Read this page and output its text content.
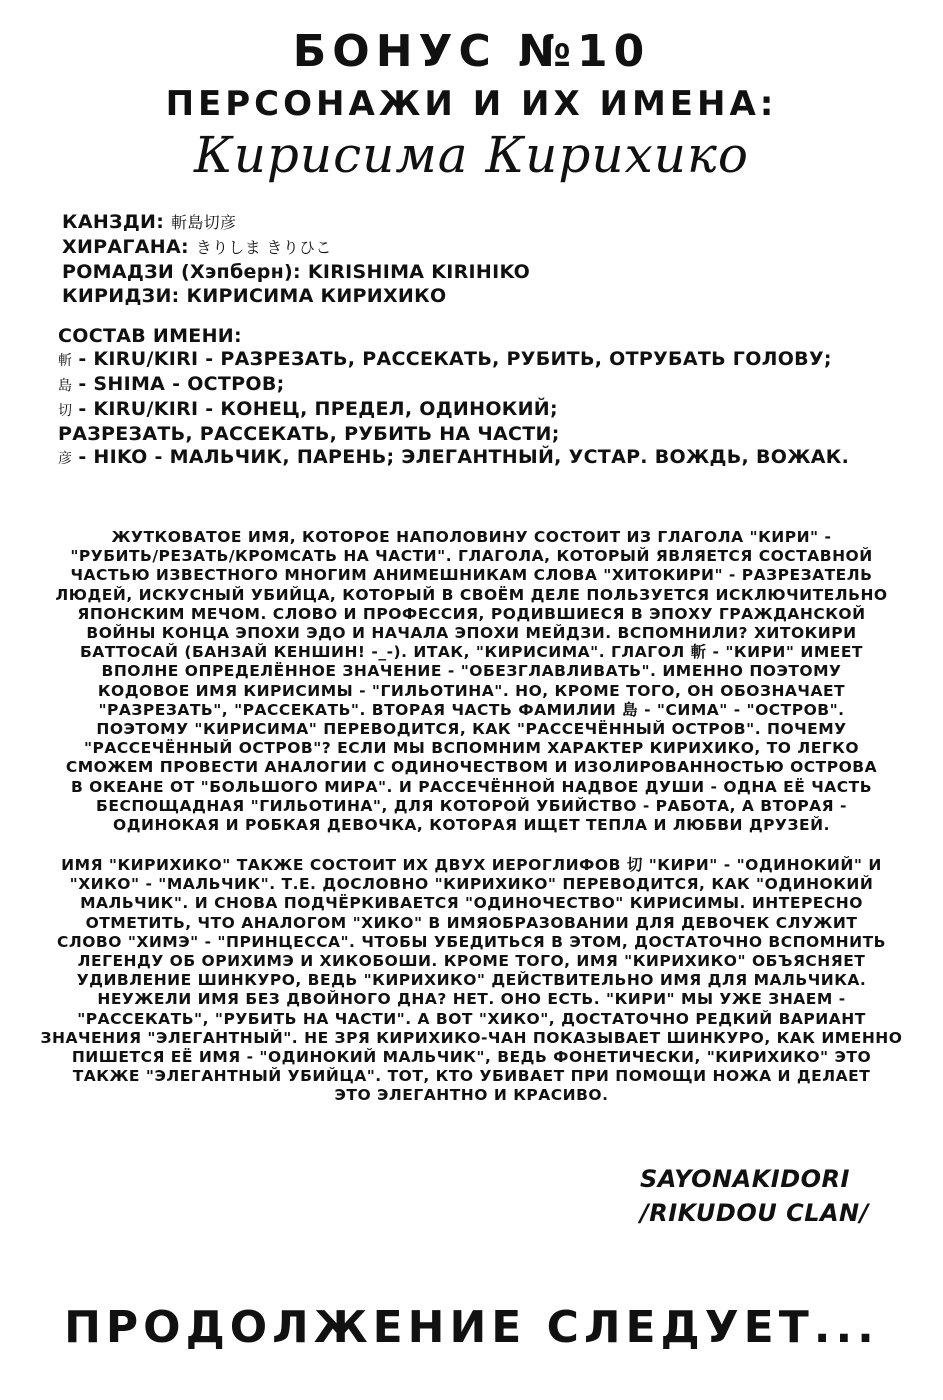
БОНУС №10
ПЕРСОНАЖИ И ИХ ИМЕНА:
Кирисима Кирихико
КАНЗДИ: 斬島切彦
ХИРАГАНА: きりしま きりひこ
РОМАДЗИ (Хэпберн): KIRISHIMA KIRIHIKO
КИРИДЗИ: КИРИСИМА КИРИХИКО
СОСТАВ ИМЕНИ:
斬 - KIRU/KIRI - РАЗРЕЗАТЬ, РАССЕКАТЬ, РУБИТЬ, ОТРУБАТЬ ГОЛОВУ;
島 - SHIMA - ОСТРОВ;
切 - KIRU/KIRI - КОНЕЦ, ПРЕДЕЛ, ОДИНОКИЙ;
РАЗРЕЗАТЬ, РАССЕКАТЬ, РУБИТЬ НА ЧАСТИ;
彦 - HIKO - МАЛЬЧИК, ПАРЕНЬ; ЭЛЕГАНТНЫЙ, УСТАР. ВОЖДЬ, ВОЖАК.
ЖУТКОВАТОЕ ИМЯ, КОТОРОЕ НАПОЛОВИНУ СОСТОИТ ИЗ ГЛАГОЛА "КИРИ" -
"РУБИТЬ/РЕЗАТЬ/КРОМСАТЬ НА ЧАСТИ". ГЛАГОЛА, КОТОРЫЙ ЯВЛЯЕТСЯ СОСТАВНОЙ
ЧАСТЬЮ ИЗВЕСТНОГО МНОГИМ АНИМЕШНИКАМ СЛОВА "ХИТОКИРИ" - РАЗРЕЗАТЕЛЬ
ЛЮДЕЙ, ИСКУСНЫЙ УБИЙЦА, КОТОРЫЙ В СВОЁМ ДЕЛЕ ПОЛЬЗУЕТСЯ ИСКЛЮЧИТЕЛЬНО
ЯПОНСКИМ МЕЧОМ. СЛОВО И ПРОФЕССИЯ, РОДИВШИЕСЯ В ЭПОХУ ГРАЖДАНСКОЙ
ВОЙНЫ КОНЦА ЭПОХИ ЭДО И НАЧАЛА ЭПОХИ МЕЙДЗИ. ВСПОМНИЛИ? ХИТОКИРИ
БАТТОСАЙ (БАНЗАЙ КЕНШИН! -_-). ИТАК, "КИРИСИМА". ГЛАГОЛ 斬 - "КИРИ" ИМЕЕТ
ВПОЛНЕ ОПРЕДЕЛЁННОЕ ЗНАЧЕНИЕ - "ОБЕЗГЛАВЛИВАТЬ". ИМЕННО ПОЭТОМУ
КОДОВОЕ ИМЯ КИРИСИМЫ - "ГИЛЬОТИНА". НО, КРОМЕ ТОГО, ОН ОБОЗНАЧАЕТ
"РАЗРЕЗАТЬ", "РАССЕКАТЬ". ВТОРАЯ ЧАСТЬ ФАМИЛИИ 島 - "СИМА" - "ОСТРОВ".
ПОЭТОМУ "КИРИСИМА" ПЕРЕВОДИТСЯ, КАК "РАССЕЧЁННЫЙ ОСТРОВ". ПОЧЕМУ
"РАССЕЧЁННЫЙ ОСТРОВ"? ЕСЛИ МЫ ВСПОМНИМ ХАРАКТЕР КИРИХИКО, ТО ЛЕГКО
СМОЖЕМ ПРОВЕСТИ АНАЛОГИИ С ОДИНОЧЕСТВОМ И ИЗОЛИРОВАННОСТЬЮ ОСТРОВА
В ОКЕАНЕ ОТ "БОЛЬШОГО МИРА". И РАССЕЧЁННОЙ НАДВОЕ ДУШИ - ОДНА ЕЁ ЧАСТЬ
БЕСПОЩАДНАЯ "ГИЛЬОТИНА", ДЛЯ КОТОРОЙ УБИЙСТВО - РАБОТА, А ВТОРАЯ -
ОДИНОКАЯ И РОБКАЯ ДЕВОЧКА, КОТОРАЯ ИЩЕТ ТЕПЛА И ЛЮБВИ ДРУЗЕЙ.
ИМЯ "КИРИХИКО" ТАКЖЕ СОСТОИТ ИХ ДВУХ ИЕРОГЛИФОВ 切 "КИРИ" - "ОДИНОКИЙ" И
"ХИКО" - "МАЛЬЧИК". Т.Е. ДОСЛОВНО "КИРИХИКО" ПЕРЕВОДИТСЯ, КАК "ОДИНОКИЙ
МАЛЬЧИК". И СНОВА ПОДЧЁРКИВАЕТСЯ "ОДИНОЧЕСТВО" КИРИСИМЫ. ИНТЕРЕСНО
ОТМЕТИТЬ, ЧТО АНАЛОГОМ "ХИКО" В ИМЯОБРАЗОВАНИИ ДЛЯ ДЕВОЧЕК СЛУЖИТ
СЛОВО "ХИМЭ" - "ПРИНЦЕССА". ЧТОБЫ УБЕДИТЬСЯ В ЭТОМ, ДОСТАТОЧНО ВСПОМНИТЬ
ЛЕГЕНДУ ОБ ОРИХИМЭ И ХИКОБОШИ. КРОМЕ ТОГО, ИМЯ "КИРИХИКО" ОБЪЯСНЯЕТ
УДИВЛЕНИЕ ШИНКУРО, ВЕДЬ "КИРИХИКО" ДЕЙСТВИТЕЛЬНО ИМЯ ДЛЯ МАЛЬЧИКА.
НЕУЖЕЛИ ИМЯ БЕЗ ДВОЙНОГО ДНА? НЕТ. ОНО ЕСТЬ. "КИРИ" МЫ УЖЕ ЗНАЕМ -
"РАССЕКАТЬ", "РУБИТЬ НА ЧАСТИ". А ВОТ "ХИКО", ДОСТАТОЧНО РЕДКИЙ ВАРИАНТ
ЗНАЧЕНИЯ "ЭЛЕГАНТНЫЙ". НЕ ЗРЯ КИРИХИКО-ЧАН ПОКАЗЫВАЕТ ШИНКУРО, КАК ИМЕННО
ПИШЕТСЯ ЕЁ ИМЯ - "ОДИНОКИЙ МАЛЬЧИК", ВЕДЬ ФОНЕТИЧЕСКИ, "КИРИХИКО" ЭТО
ТАКЖЕ "ЭЛЕГАНТНЫЙ УБИЙЦА". ТОТ, КТО УБИВАЕТ ПРИ ПОМОЩИ НОЖА И ДЕЛАЕТ
ЭТО ЭЛЕГАНТНО И КРАСИВО.
SAYONAKIDORI
/RIKUDOU CLAN/
ПРОДОЛЖЕНИЕ СЛЕДУЕТ...
